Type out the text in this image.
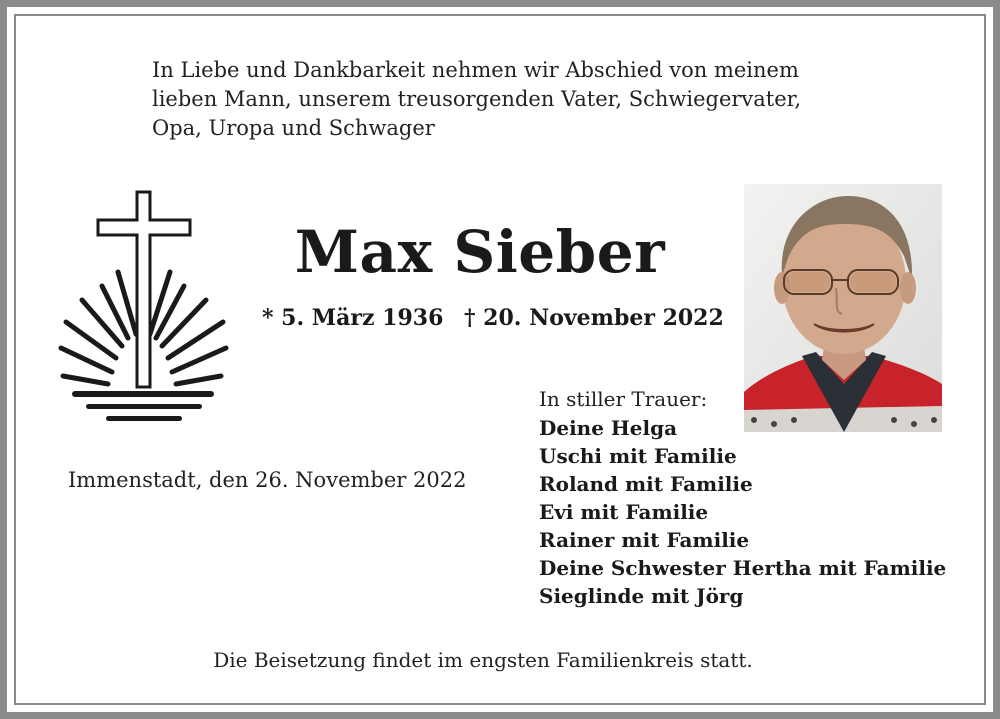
In Liebe und Dankbarkeit nehmen wir Abschied von meinem
lieben Mann, unserem treusorgenden Vater, Schwiegervater,
Opa, Uropa und Schwager
Max Sieber
* 5. März 1936 † 20. November 2022
Immenstadt, den 26. November 2022
In stiller Trauer:
Deine Helga
Uschi mit Familie
Roland mit Familie
Evi mit Familie
Rainer mit Familie
Deine Schwester Hertha mit Familie
Sieglinde mit Jörg
Die Beisetzung findet im engsten Familienkreis statt.
